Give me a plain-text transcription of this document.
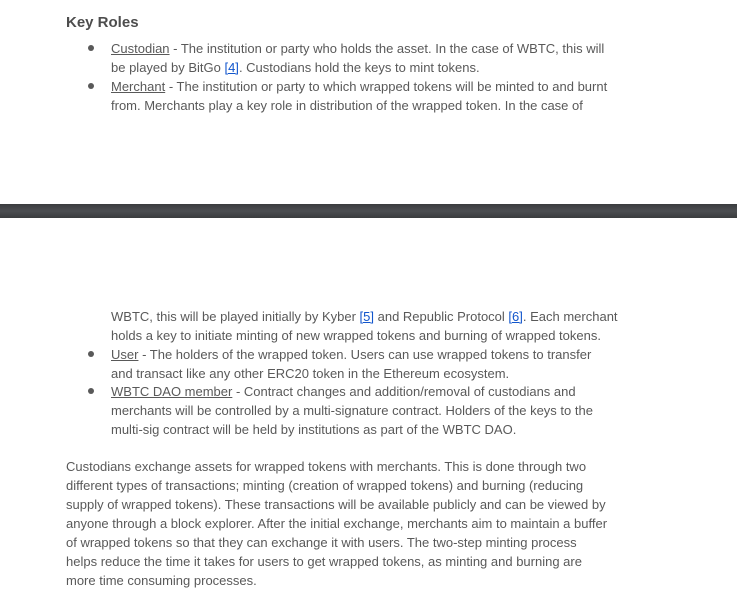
Key Roles
Custodian - The institution or party who holds the asset. In the case of WBTC, this will
be played by BitGo [4]. Custodians hold the keys to mint tokens.
Merchant - The institution or party to which wrapped tokens will be minted to and burnt
from. Merchants play a key role in distribution of the wrapped token. In the case of
WBTC, this will be played initially by Kyber [5] and Republic Protocol [6]. Each merchant
holds a key to initiate minting of new wrapped tokens and burning of wrapped tokens.
User - The holders of the wrapped token. Users can use wrapped tokens to transfer
and transact like any other ERC20 token in the Ethereum ecosystem.
WBTC DAO member - Contract changes and addition/removal of custodians and
merchants will be controlled by a multi-signature contract. Holders of the keys to the
multi-sig contract will be held by institutions as part of the WBTC DAO.
Custodians exchange assets for wrapped tokens with merchants. This is done through two
different types of transactions; minting (creation of wrapped tokens) and burning (reducing
supply of wrapped tokens). These transactions will be available publicly and can be viewed by
anyone through a block explorer. After the initial exchange, merchants aim to maintain a buffer
of wrapped tokens so that they can exchange it with users. The two-step minting process
helps reduce the time it takes for users to get wrapped tokens, as minting and burning are
more time consuming processes.
